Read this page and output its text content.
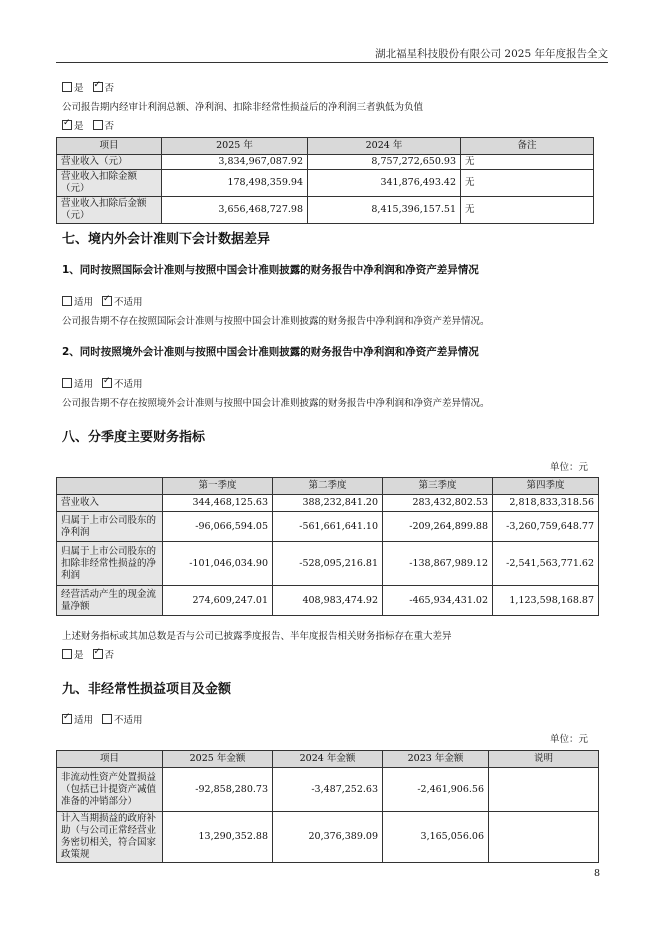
湖北福星科技股份有限公司 2025 年年度报告全文
是 ✓ 否
公司报告期内经审计利润总额、净利润、扣除非经常性损益后的净利润三者孰低为负值
✓是 否
项目	2025 年	2024 年	备注
营业收入（元）	3,834,967,087.92	8,757,272,650.93	无
营业收入扣除金额（元）	178,498,359.94	341,876,493.42	无
营业收入扣除后金额（元）	3,656,468,727.98	8,415,396,157.51	无
七、境内外会计准则下会计数据差异
1、同时按照国际会计准则与按照中国会计准则披露的财务报告中净利润和净资产差异情况
适用 ✓ 不适用
公司报告期不存在按照国际会计准则与按照中国会计准则披露的财务报告中净利润和净资产差异情况。
2、同时按照境外会计准则与按照中国会计准则披露的财务报告中净利润和净资产差异情况
适用 ✓ 不适用
公司报告期不存在按照境外会计准则与按照中国会计准则披露的财务报告中净利润和净资产差异情况。
八、分季度主要财务指标
单位：元
	第一季度	第二季度	第三季度	第四季度
营业收入	344,468,125.63	388,232,841.20	283,432,802.53	2,818,833,318.56
归属于上市公司股东的净利润	-96,066,594.05	-561,661,641.10	-209,264,899.88	-3,260,759,648.77
归属于上市公司股东的扣除非经常性损益的净利润	-101,046,034.90	-528,095,216.81	-138,867,989.12	-2,541,563,771.62
经营活动产生的现金流量净额	274,609,247.01	408,983,474.92	-465,934,431.02	1,123,598,168.87
上述财务指标或其加总数是否与公司已披露季度报告、半年度报告相关财务指标存在重大差异
是 ✓ 否
九、非经常性损益项目及金额
✓适用 不适用
单位：元
项目	2025 年金额	2024 年金额	2023 年金额	说明
非流动性资产处置损益（包括已计提资产减值准备的冲销部分）	-92,858,280.73	-3,487,252.63	-2,461,906.56	
计入当期损益的政府补助（与公司正常经营业务密切相关，符合国家政策规	13,290,352.88	20,376,389.09	3,165,056.06	
8
